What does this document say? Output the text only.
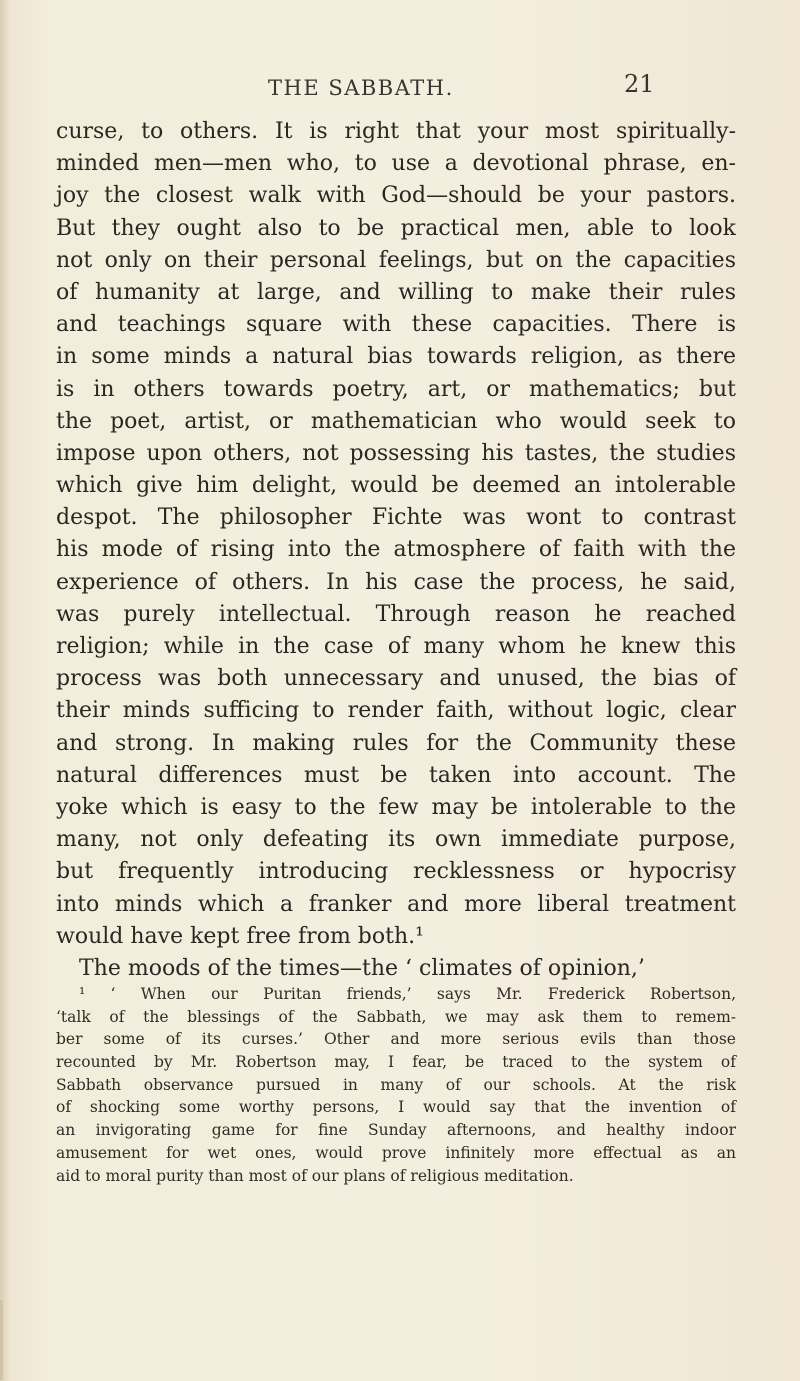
THE SABBATH.	21
curse, to others. It is right that your most spiritually-
minded men—men who, to use a devotional phrase, en-
joy the closest walk with God—should be your pastors.
But they ought also to be practical men, able to look
not only on their personal feelings, but on the capacities
of humanity at large, and willing to make their rules
and teachings square with these capacities. There is
in some minds a natural bias towards religion, as there
is in others towards poetry, art, or mathematics; but
the poet, artist, or mathematician who would seek to
impose upon others, not possessing his tastes, the studies
which give him delight, would be deemed an intolerable
despot. The philosopher Fichte was wont to contrast
his mode of rising into the atmosphere of faith with the
experience of others. In his case the process, he said,
was purely intellectual. Through reason he reached
religion; while in the case of many whom he knew this
process was both unnecessary and unused, the bias of
their minds sufficing to render faith, without logic, clear
and strong. In making rules for the Community these
natural differences must be taken into account. The
yoke which is easy to the few may be intolerable to the
many, not only defeating its own immediate purpose,
but frequently introducing recklessness or hypocrisy
into minds which a franker and more liberal treatment
would have kept free from both.¹
The moods of the times—the ‘ climates of opinion,’
¹ ‘ When our Puritan friends,’ says Mr. Frederick Robertson,
‘talk of the blessings of the Sabbath, we may ask them to remem-
ber some of its curses.’ Other and more serious evils than those
recounted by Mr. Robertson may, I fear, be traced to the system of
Sabbath observance pursued in many of our schools. At the risk
of shocking some worthy persons, I would say that the invention of
an invigorating game for fine Sunday afternoons, and healthy indoor
amusement for wet ones, would prove infinitely more effectual as an
aid to moral purity than most of our plans of religious meditation.
